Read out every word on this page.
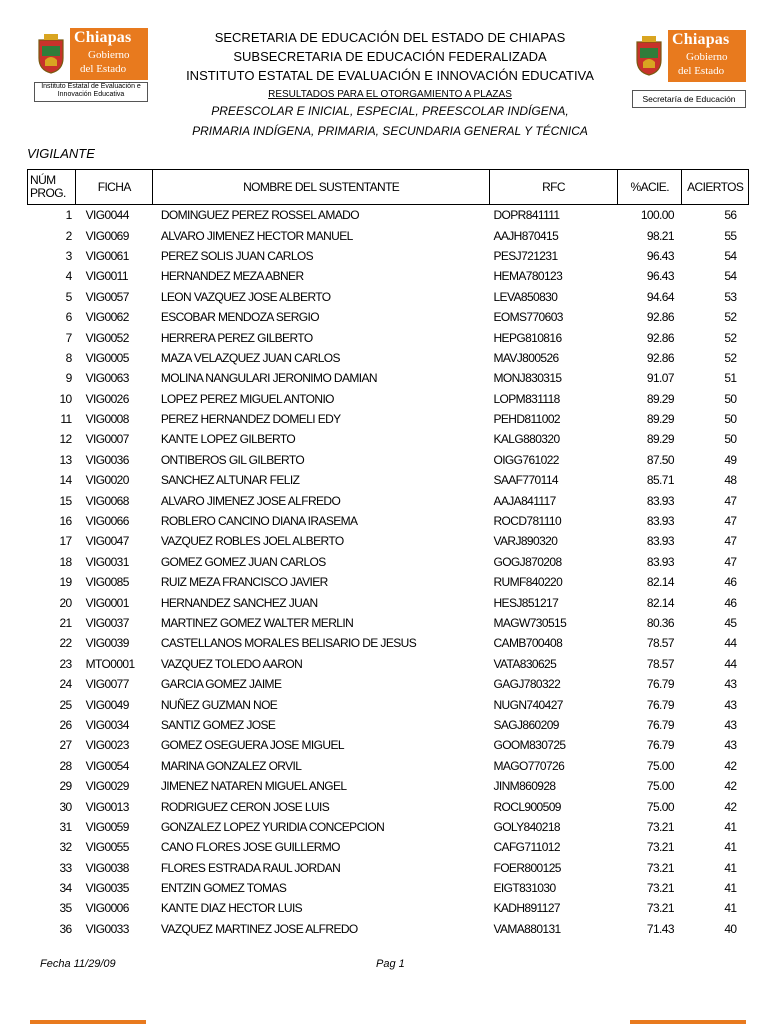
Chiapas
Gobierno
del Estado
Instituto Estatal de Evaluación e Innovación Educativa
Chiapas
Gobierno
del Estado
Secretaría de Educación
SECRETARIA DE EDUCACIÓN DEL ESTADO DE CHIAPAS
SUBSECRETARIA DE EDUCACIÓN FEDERALIZADA
INSTITUTO ESTATAL DE EVALUACIÓN E INNOVACIÓN EDUCATIVA
RESULTADOS PARA EL OTORGAMIENTO A PLAZAS
PREESCOLAR E INICIAL, ESPECIAL, PREESCOLAR INDÍGENA,
PRIMARIA INDÍGENA, PRIMARIA, SECUNDARIA GENERAL Y TÉCNICA
VIGILANTE
NÚM
PROG.	FICHA	NOMBRE DEL SUSTENTANTE	RFC	%ACIE.	ACIERTOS
1	VIG0044	DOMINGUEZ PEREZ ROSSEL AMADO	DOPR841111	100.00	56
2	VIG0069	ALVARO JIMENEZ HECTOR MANUEL	AAJH870415	98.21	55
3	VIG0061	PEREZ SOLIS JUAN CARLOS	PESJ721231	96.43	54
4	VIG0011	HERNANDEZ MEZA ABNER	HEMA780123	96.43	54
5	VIG0057	LEON VAZQUEZ JOSE ALBERTO	LEVA850830	94.64	53
6	VIG0062	ESCOBAR MENDOZA SERGIO	EOMS770603	92.86	52
7	VIG0052	HERRERA PEREZ GILBERTO	HEPG810816	92.86	52
8	VIG0005	MAZA VELAZQUEZ JUAN CARLOS	MAVJ800526	92.86	52
9	VIG0063	MOLINA NANGULARI JERONIMO DAMIAN	MONJ830315	91.07	51
10	VIG0026	LOPEZ PEREZ MIGUEL ANTONIO	LOPM831118	89.29	50
11	VIG0008	PEREZ HERNANDEZ DOMELI EDY	PEHD811002	89.29	50
12	VIG0007	KANTE LOPEZ GILBERTO	KALG880320	89.29	50
13	VIG0036	ONTIBEROS GIL GILBERTO	OIGG761022	87.50	49
14	VIG0020	SANCHEZ ALTUNAR FELIZ	SAAF770114	85.71	48
15	VIG0068	ALVARO JIMENEZ JOSE ALFREDO	AAJA841117	83.93	47
16	VIG0066	ROBLERO CANCINO DIANA IRASEMA	ROCD781110	83.93	47
17	VIG0047	VAZQUEZ ROBLES JOEL ALBERTO	VARJ890320	83.93	47
18	VIG0031	GOMEZ GOMEZ JUAN CARLOS	GOGJ870208	83.93	47
19	VIG0085	RUIZ MEZA FRANCISCO JAVIER	RUMF840220	82.14	46
20	VIG0001	HERNANDEZ SANCHEZ JUAN	HESJ851217	82.14	46
21	VIG0037	MARTINEZ GOMEZ WALTER MERLIN	MAGW730515	80.36	45
22	VIG0039	CASTELLANOS MORALES BELISARIO DE JESUS	CAMB700408	78.57	44
23	MTO0001	VAZQUEZ TOLEDO AARON	VATA830625	78.57	44
24	VIG0077	GARCIA GOMEZ JAIME	GAGJ780322	76.79	43
25	VIG0049	NUÑEZ GUZMAN NOE	NUGN740427	76.79	43
26	VIG0034	SANTIZ GOMEZ JOSE	SAGJ860209	76.79	43
27	VIG0023	GOMEZ OSEGUERA JOSE MIGUEL	GOOM830725	76.79	43
28	VIG0054	MARINA GONZALEZ ORVIL	MAGO770726	75.00	42
29	VIG0029	JIMENEZ NATAREN MIGUEL ANGEL	JINM860928	75.00	42
30	VIG0013	RODRIGUEZ CERON JOSE LUIS	ROCL900509	75.00	42
31	VIG0059	GONZALEZ LOPEZ YURIDIA CONCEPCION	GOLY840218	73.21	41
32	VIG0055	CANO FLORES JOSE GUILLERMO	CAFG711012	73.21	41
33	VIG0038	FLORES ESTRADA RAUL JORDAN	FOER800125	73.21	41
34	VIG0035	ENTZIN GOMEZ TOMAS	EIGT831030	73.21	41
35	VIG0006	KANTE DIAZ HECTOR LUIS	KADH891127	73.21	41
36	VIG0033	VAZQUEZ MARTINEZ JOSE ALFREDO	VAMA880131	71.43	40
Fecha 11/29/09	Pag 1
